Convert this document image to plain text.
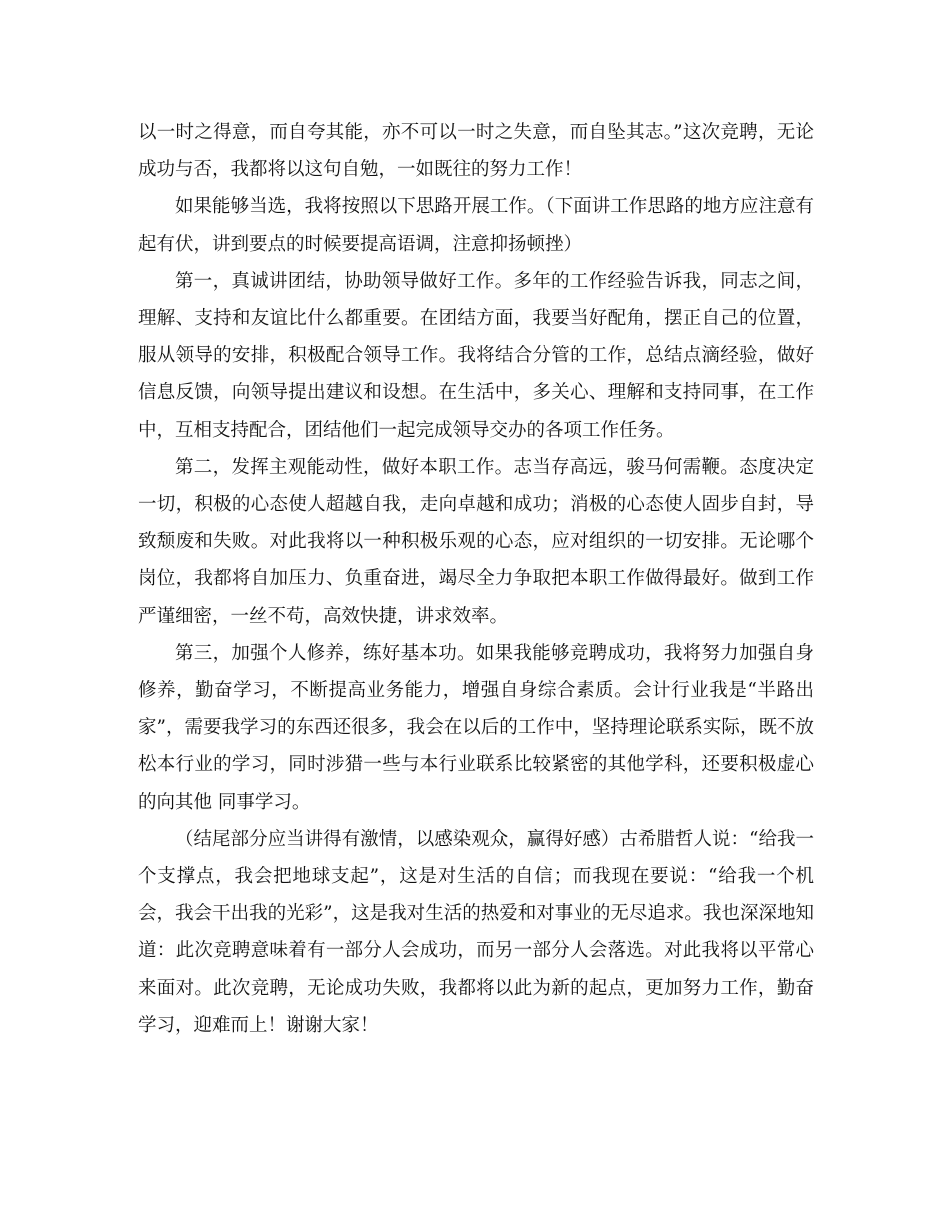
以一时之得意，而自夸其能，亦不可以一时之失意，而自坠其志。”这次竞聘，无论成功与否，我都将以这句自勉，一如既往的努力工作！

如果能够当选，我将按照以下思路开展工作。（下面讲工作思路的地方应注意有起有伏，讲到要点的时候要提高语调，注意抑扬顿挫）

第一，真诚讲团结，协助领导做好工作。多年的工作经验告诉我，同志之间，理解、支持和友谊比什么都重要。在团结方面，我要当好配角，摆正自己的位置，服从领导的安排，积极配合领导工作。我将结合分管的工作，总结点滴经验，做好信息反馈，向领导提出建议和设想。在生活中，多关心、理解和支持同事，在工作中，互相支持配合，团结他们一起完成领导交办的各项工作任务。

第二，发挥主观能动性，做好本职工作。志当存高远，骏马何需鞭。态度决定一切，积极的心态使人超越自我，走向卓越和成功；消极的心态使人固步自封，导致颓废和失败。对此我将以一种积极乐观的心态，应对组织的一切安排。无论哪个岗位，我都将自加压力、负重奋进，竭尽全力争取把本职工作做得最好。做到工作严谨细密，一丝不苟，高效快捷，讲求效率。

第三，加强个人修养，练好基本功。如果我能够竞聘成功，我将努力加强自身修养，勤奋学习，不断提高业务能力，增强自身综合素质。会计行业我是“半路出家”，需要我学习的东西还很多，我会在以后的工作中，坚持理论联系实际，既不放松本行业的学习，同时涉猎一些与本行业联系比较紧密的其他学科，还要积极虚心的向其他 同事学习。

（结尾部分应当讲得有激情，以感染观众，赢得好感）古希腊哲人说：“给我一个支撑点，我会把地球支起”，这是对生活的自信；而我现在要说：“给我一个机会，我会干出我的光彩”，这是我对生活的热爱和对事业的无尽追求。我也深深地知道：此次竞聘意味着有一部分人会成功，而另一部分人会落选。对此我将以平常心来面对。此次竞聘，无论成功失败，我都将以此为新的起点，更加努力工作，勤奋学习，迎难而上！谢谢大家！
